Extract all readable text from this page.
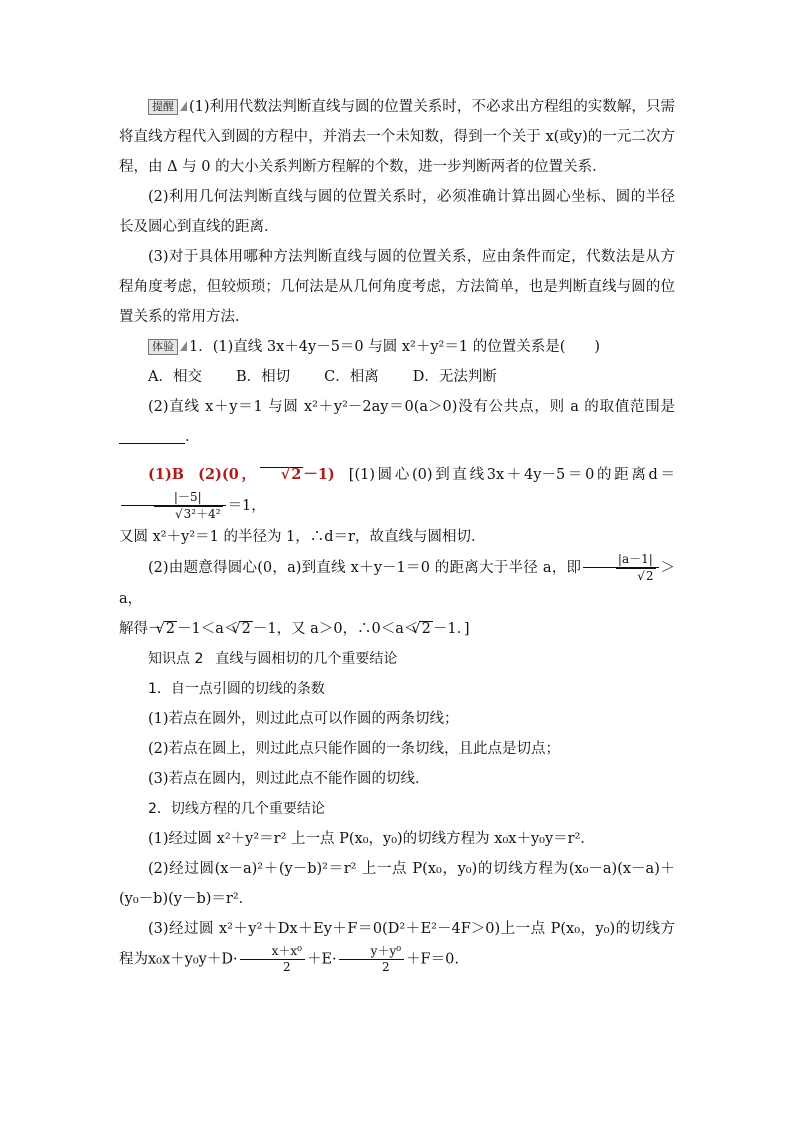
提醒 (1)利用代数法判断直线与圆的位置关系时，不必求出方程组的实数解，只需将直线方程代入到圆的方程中，并消去一个未知数，得到一个关于 x(或y)的一元二次方程，由 Δ 与 0 的大小关系判断方程解的个数，进一步判断两者的位置关系．

(2)利用几何法判断直线与圆的位置关系时，必须准确计算出圆心坐标、圆的半径长及圆心到直线的距离．

(3)对于具体用哪种方法判断直线与圆的位置关系，应由条件而定，代数法是从方程角度考虑，但较烦琐；几何法是从几何角度考虑，方法简单，也是判断直线与圆的位置关系的常用方法．

体验 1．(1)直线 3x＋4y－5＝0 与圆 x²＋y²＝1 的位置关系是(　　)

A．相交 B．相切 C．相离 D．无法判断

(2)直线 x＋y＝1 与圆 x²＋y²－2ay＝0(a＞0)没有公共点，则 a 的取值范围是．

(1)B (2)(0， √ 2 －1) [(1)圆心(0)到直线3x＋4y－5＝0的距离d＝
|－5|
√ 3²＋4² ＝1，

又圆 x²＋y²＝1 的半径为 1，∴d＝r，故直线与圆相切．

(2)由题意得圆心(0，a)到直线 x＋y－1＝0 的距离大于半径 a，即 |a－1|
√ 2 ＞a，

解得－ √ 2 －1＜a＜ √ 2 －1，又 a＞0，∴0＜a＜ √ 2 －1．]

知识点 2 直线与圆相切的几个重要结论

1．自一点引圆的切线的条数

(1)若点在圆外，则过此点可以作圆的两条切线；

(2)若点在圆上，则过此点只能作圆的一条切线，且此点是切点；

(3)若点在圆内，则过此点不能作圆的切线．

2．切线方程的几个重要结论

(1)经过圆 x²＋y²＝r² 上一点 P(x₀，y₀)的切线方程为 x₀x＋y₀y＝r²．

(2)经过圆(x－a)²＋(y－b)²＝r² 上一点 P(x₀，y₀)的切线方程为(x₀－a)(x－a)＋(y₀－b)(y－b)＝r²．

(3)经过圆 x²＋y²＋Dx＋Ey＋F＝0(D²＋E²－4F＞0)上一点 P(x₀，y₀)的切线方程为$x_0x+y_0y+D\cdot \frac{\text{x＋x⁰}}{2} +E\cdot \frac{\text{y＋y⁰}}{2} +F=0$.
